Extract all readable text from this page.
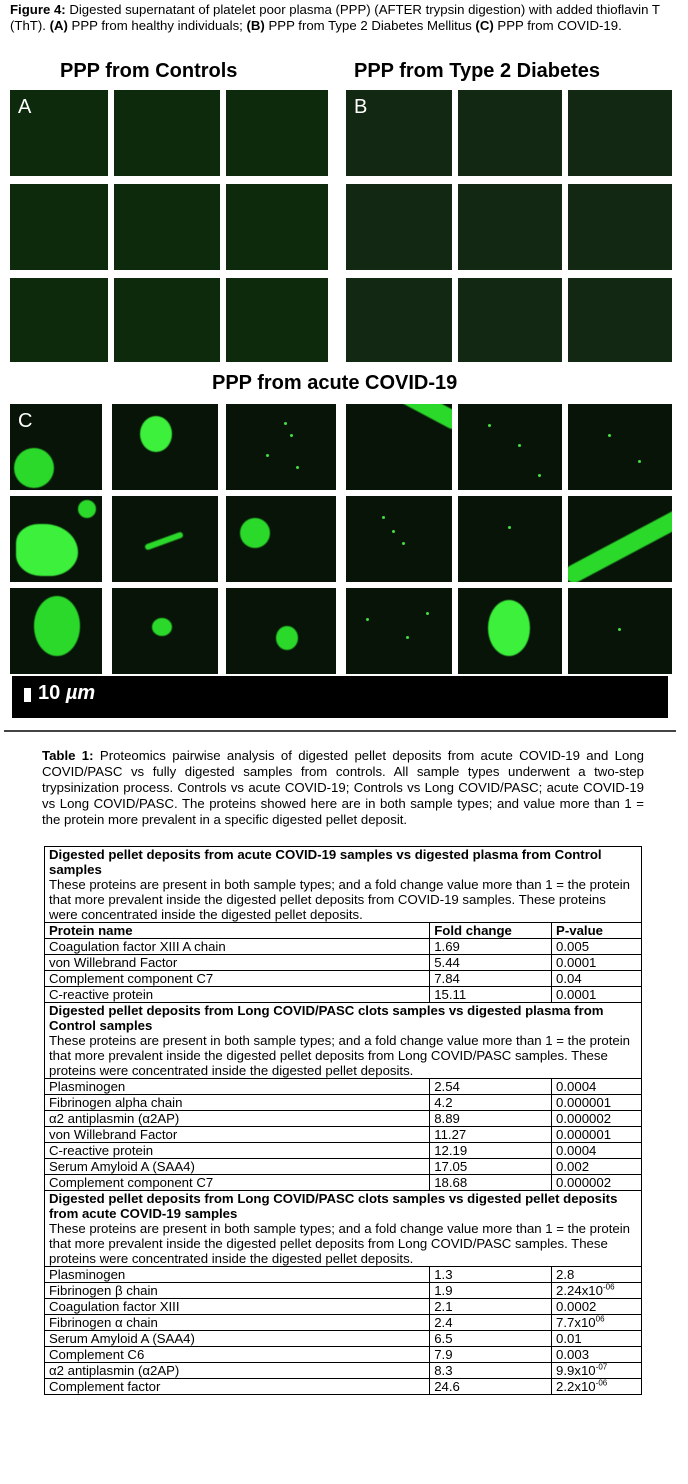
Figure 4: Digested supernatant of platelet poor plasma (PPP) (AFTER trypsin digestion) with added thioflavin T (ThT). (A) PPP from healthy individuals; (B) PPP from Type 2 Diabetes Mellitus (C) PPP from COVID-19.
PPP from Controls	PPP from Type 2 Diabetes
A	B
PPP from acute COVID-19
C
10 µm
Table 1: Proteomics pairwise analysis of digested pellet deposits from acute COVID-19 and Long COVID/PASC vs fully digested samples from controls. All sample types underwent a two-step trypsinization process. Controls vs acute COVID-19; Controls vs Long COVID/PASC; acute COVID-19 vs Long COVID/PASC. The proteins showed here are in both sample types; and value more than 1 = the protein more prevalent in a specific digested pellet deposit.
Digested pellet deposits from acute COVID-19 samples vs digested plasma from Control samples
These proteins are present in both sample types; and a fold change value more than 1 = the protein that more prevalent inside the digested pellet deposits from COVID-19 samples. These proteins were concentrated inside the digested pellet deposits.		

Protein name	Fold change	P-value
Coagulation factor XIII A chain	1.69	0.005
von Willebrand Factor	5.44	0.0001
Complement component C7	7.84	0.04
C-reactive protein	15.11	0.0001

Digested pellet deposits from Long COVID/PASC clots samples vs digested plasma from Control samples
These proteins are present in both sample types; and a fold change value more than 1 = the protein that more prevalent inside the digested pellet deposits from Long COVID/PASC samples. These proteins were concentrated inside the digested pellet deposits.		

Plasminogen	2.54	0.0004
Fibrinogen alpha chain	4.2	0.000001
α2 antiplasmin (α2AP)	8.89	0.000002
von Willebrand Factor	11.27	0.000001
C-reactive protein	12.19	0.0004
Serum Amyloid A (SAA4)	17.05	0.002
Complement component C7	18.68	0.000002

Digested pellet deposits from Long COVID/PASC clots samples vs digested pellet deposits from acute COVID-19 samples
These proteins are present in both sample types; and a fold change value more than 1 = the protein that more prevalent inside the digested pellet deposits from Long COVID/PASC samples. These proteins were concentrated inside the digested pellet deposits.		

Plasminogen	1.3	2.8
Fibrinogen β chain	1.9	$2.24x10^{-06}$
Coagulation factor XIII	2.1	0.0002
Fibrinogen α chain	2.4	$7.7x10^{06}$
Serum Amyloid A (SAA4)	6.5	0.01
Complement C6	7.9	0.003
α2 antiplasmin (α2AP)	8.3	$9.9x10^{-07}$
Complement factor	24.6	$2.2x10^{-06}$
